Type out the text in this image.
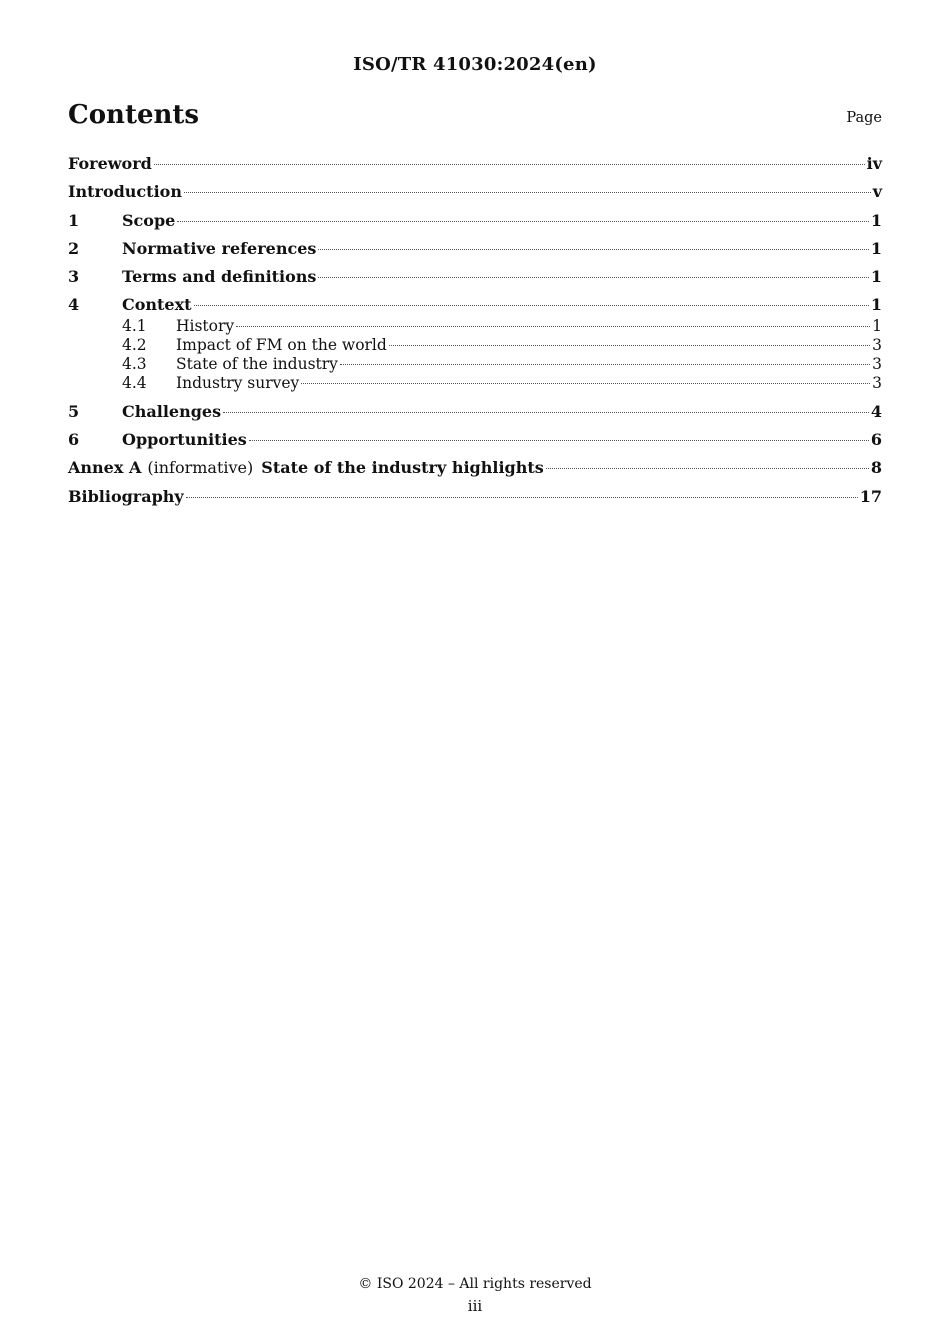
ISO/TR 41030:2024(en)
Contents	Page
Foreword	iv
Introduction	v
1	Scope	1
2	Normative references	1
3	Terms and definitions	1
4	Context	1
4.1	History	1
4.2	Impact of FM on the world	3
4.3	State of the industry	3
4.4	Industry survey	3
5	Challenges	4
6	Opportunities	6
Annex A (informative) State of the industry highlights	8
Bibliography	17
© ISO 2024 – All rights reserved
iii
